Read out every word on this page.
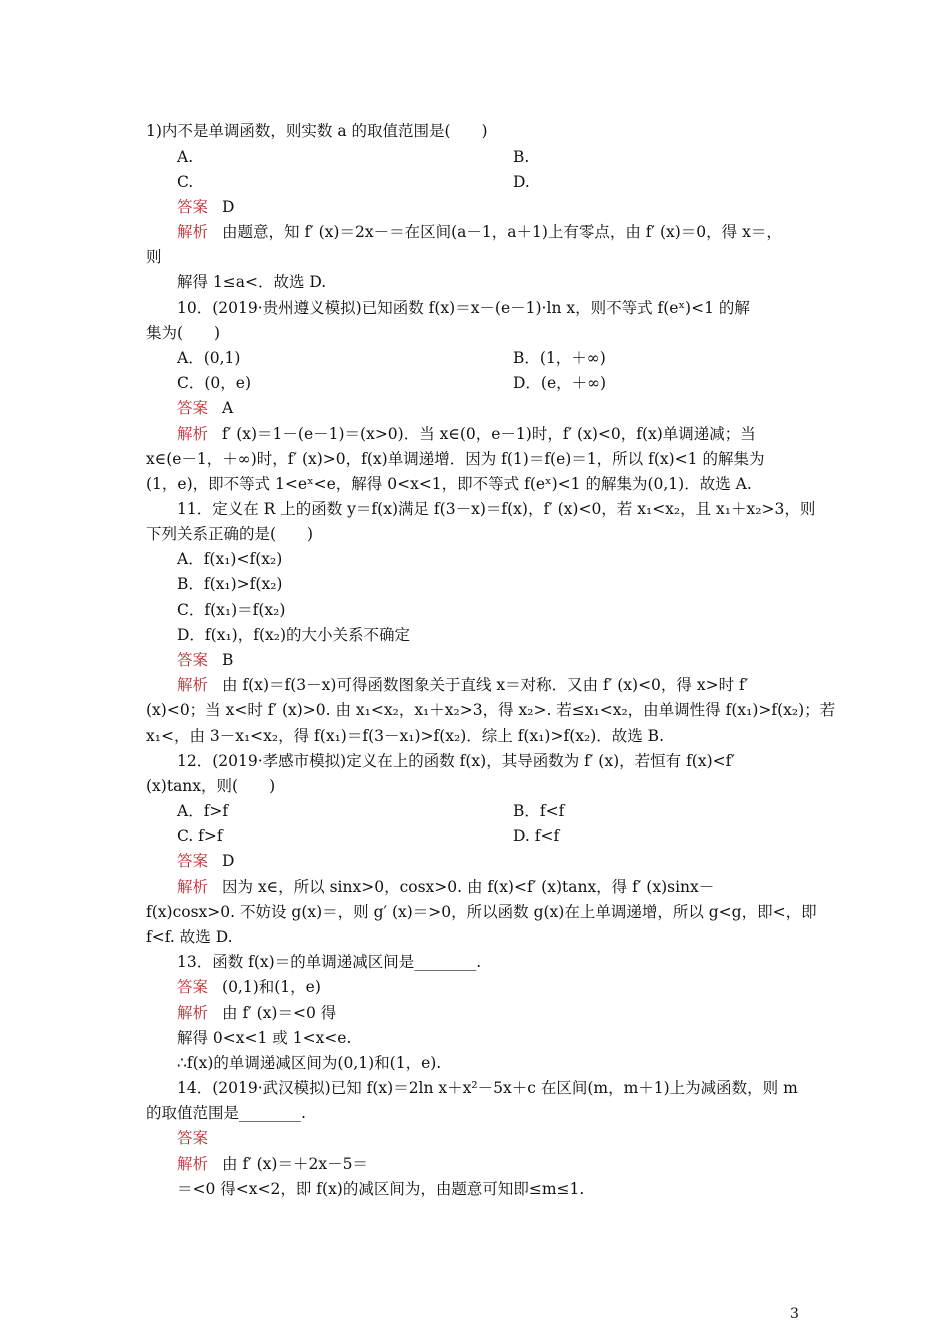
1)内不是单调函数，则实数 a 的取值范围是(　　)
A.	B.
C.	D.
答案 D
解析 由题意，知 f′ (x)＝2x－＝在区间(a－1，a＋1)上有零点，由 f′ (x)＝0，得 x＝，
则
解得 1≤a<．故选 D.
10．(2019·贵州遵义模拟)已知函数 f(x)＝x－(e－1)·ln x，则不等式 f(eˣ)<1 的解
集为(　　)
A．(0,1)	B．(1，＋∞)
C．(0，e)	D．(e，＋∞)
答案 A
解析 f′ (x)＝1－(e－1)＝(x>0)．当 x∈(0，e－1)时，f′ (x)<0，f(x)单调递减；当
x∈(e－1，＋∞)时，f′ (x)>0，f(x)单调递增．因为 f(1)＝f(e)＝1，所以 f(x)<1 的解集为
(1，e)，即不等式 1<eˣ<e，解得 0<x<1，即不等式 f(eˣ)<1 的解集为(0,1)．故选 A.
11．定义在 R 上的函数 y＝f(x)满足 f(3－x)＝f(x)，f′ (x)<0，若 x₁<x₂，且 x₁＋x₂>3，则
下列关系正确的是(　　)
A．f(x₁)<f(x₂)
B．f(x₁)>f(x₂)
C．f(x₁)＝f(x₂)
D．f(x₁)，f(x₂)的大小关系不确定
答案 B
解析 由 f(x)＝f(3－x)可得函数图象关于直线 x＝对称．又由 f′ (x)<0，得 x>时 f′
(x)<0；当 x<时 f′ (x)>0. 由 x₁<x₂，x₁＋x₂>3，得 x₂>. 若≤x₁<x₂，由单调性得 f(x₁)>f(x₂)；若
x₁<，由 3－x₁<x₂，得 f(x₁)＝f(3－x₁)>f(x₂)．综上 f(x₁)>f(x₂)．故选 B.
12．(2019·孝感市模拟)定义在上的函数 f(x)，其导函数为 f′ (x)，若恒有 f(x)<f′
(x)tanx，则(　　)
A．f>f	B．f<f
C. f>f	D. f<f
答案 D
解析 因为 x∈，所以 sinx>0，cosx>0. 由 f(x)<f′ (x)tanx，得 f′ (x)sinx－
f(x)cosx>0. 不妨设 g(x)＝，则 g′ (x)＝>0，所以函数 g(x)在上单调递增，所以 g<g，即<，即
f<f. 故选 D.
13．函数 f(x)＝的单调递减区间是________.
答案 (0,1)和(1，e)
解析 由 f′ (x)＝<0 得
解得 0<x<1 或 1<x<e.
∴f(x)的单调递减区间为(0,1)和(1，e).
14．(2019·武汉模拟)已知 f(x)＝2ln x＋x²－5x＋c 在区间(m，m＋1)上为减函数，则 m
的取值范围是________.
答案
解析 由 f′ (x)＝＋2x－5＝
＝<0 得<x<2，即 f(x)的减区间为，由题意可知即≤m≤1.
3
